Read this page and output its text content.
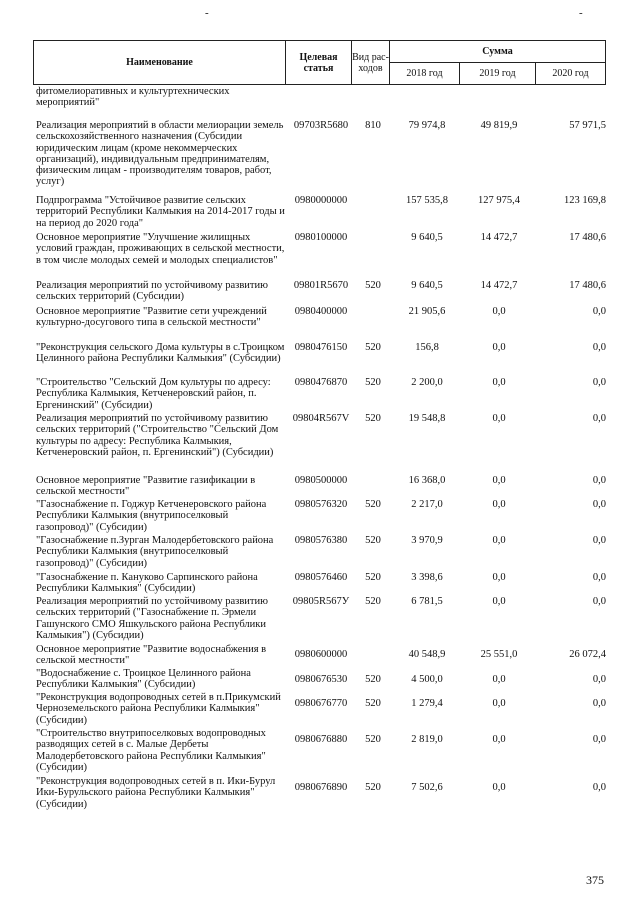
-	-
Наименование	Целевая статья	Вид рас- ходов	Сумма		
			2018 год	2019 год	2020 год
фитомелиоративных и культуртехнических мероприятий"
Реализация мероприятий в области мелиорации земель сельскохозяйственного назначения (Субсидии юридическим лицам (кроме некоммерческих организаций), индивидуальным предпринимателям, физическим лицам - производителям товаров, работ, услуг)
09703R5680	810	79 974,8	49 819,9	57 971,5
Подпрограмма "Устойчивое развитие сельских территорий Республики Калмыкия на 2014-2017 годы и на период до 2020 года"
0980000000	157 535,8	127 975,4	123 169,8
Основное мероприятие "Улучшение жилищных условий граждан, проживающих в сельской местности, в том числе молодых семей и молодых специалистов"
0980100000	9 640,5	14 472,7	17 480,6
Реализация мероприятий по устойчивому развитию сельских территорий (Субсидии)
09801R5670	520	9 640,5	14 472,7	17 480,6
Основное мероприятие "Развитие сети учреждений культурно-досугового типа в сельской местности"
0980400000	21 905,6	0,0	0,0
"Реконструкция сельского Дома культуры в с.Троицком Целинного района Республики Калмыкия" (Субсидии)
0980476150	520	156,8	0,0	0,0
"Строительство "Сельский Дом культуры по адресу: Республика Калмыкия, Кетченеровский район, п. Ергенинский" (Субсидии)
0980476870	520	2 200,0	0,0	0,0
Реализация мероприятий по устойчивому развитию сельских территорий ("Строительство "Сельский Дом культуры по адресу: Республика Калмыкия, Кетченеровский район, п. Ергенинский") (Субсидии)
09804R567V	520	19 548,8	0,0	0,0
Основное мероприятие "Развитие газификации в сельской местности"
0980500000	16 368,0	0,0	0,0
"Газоснабжение п. Годжур Кетченеровского района Республики Калмыкия (внутрипоселковый газопровод)" (Субсидии)
0980576320	520	2 217,0	0,0	0,0
"Газоснабжение п.Зурган Малодербетовского района Республики Калмыкия (внутрипоселковый газопровод)" (Субсидии)
0980576380	520	3 970,9	0,0	0,0
"Газоснабжение п. Кануково Сарпинского района Республики Калмыкия" (Субсидии)
0980576460	520	3 398,6	0,0	0,0
Реализация мероприятий по устойчивому развитию сельских территорий ("Газоснабжение п. Эрмели Гашунского СМО Яшкульского района Республики Калмыкия") (Субсидии)
09805R567У	520	6 781,5	0,0	0,0
Основное мероприятие "Развитие водоснабжения в сельской местности"
0980600000	40 548,9	25 551,0	26 072,4
"Водоснабжение с. Троицкое Целинного района Республики Калмыкия" (Субсидии)	0980676530	520	4 500,0	0,0	0,0
"Реконструкция водопроводных сетей в п.Прикумский Черноземельского района Республики Калмыкия" (Субсидии)
0980676770	520	1 279,4	0,0	0,0
"Строительство внутрипоселковых водопроводных разводящих сетей в с. Малые Дербеты Малодербетовского района Республики Калмыкия" (Субсидии)
0980676880	520	2 819,0	0,0	0,0
"Реконструкция водопроводных сетей в п. Ики-Бурул Ики-Бурульского района Республики Калмыкия" (Субсидии)
0980676890	520	7 502,6	0,0	0,0
375
